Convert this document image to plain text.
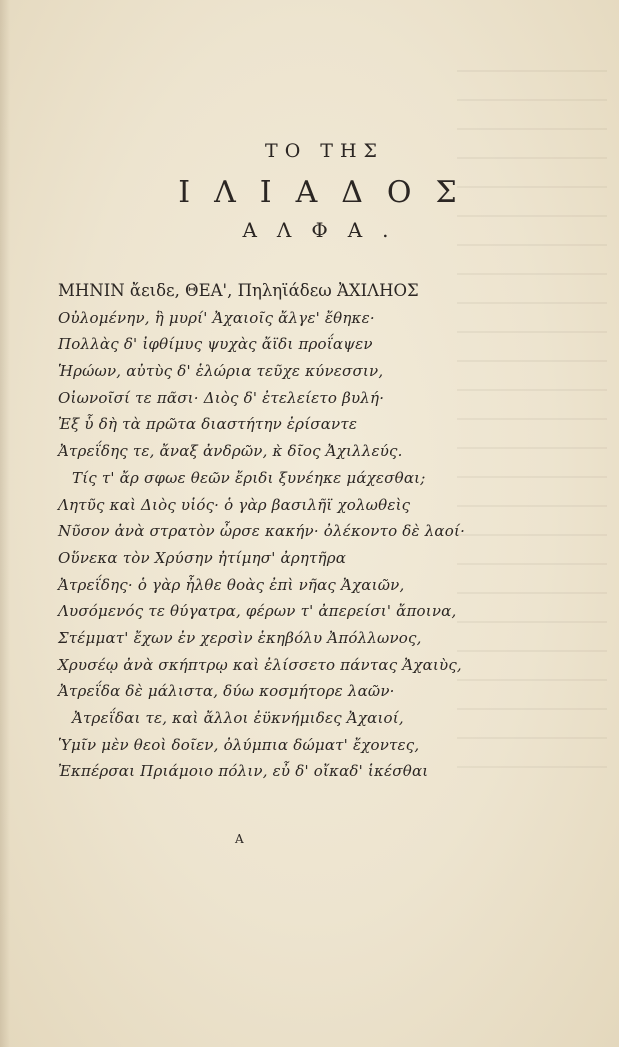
ΤΟ ΤΗΣ
ΙΛΙΑΔΟΣ
ΑΛΦΑ.
ΜΗΝΙΝ ἄειδε, ΘΕΑ', Πηληϊάδεω ἈΧΙΛΗΟΣ
Οὐλομένην, ἣ μυρί' Ἀχαιοῖς ἄλγε' ἔθηκε·
Πολλὰς δ' ἰφθίμυς ψυχὰς ἄϊδι προΐαψεν
Ἡρώων, αὐτὺς δ' ἑλώρια τεῦχε κύνεσσιν,
Οἰωνοῖσί τε πᾶσι· Διὸς δ' ἐτελείετο βυλή·
Ἐξ ὗ δὴ τὰ πρῶτα διαστήτην ἐρίσαντε
Ἀτρεΐδης τε, ἄναξ ἀνδρῶν, κ̀ δῖος Ἀχιλλεύς.
Τίς τ' ἄρ σφωε θεῶν ἔριδι ξυνέηκε μάχεσθαι;
Λητῦς καὶ Διὸς υἱός· ὁ γὰρ βασιλῆϊ χολωθεὶς
Νῦσον ἀνὰ στρατὸν ὦρσε κακήν· ὀλέκοντο δὲ λαοί·
Οὕνεκα τὸν Χρύσην ἠτίμησ' ἀρητῆρα
Ἀτρεΐδης· ὁ γὰρ ἦλθε θοὰς ἐπὶ νῆας Ἀχαιῶν,
Λυσόμενός τε θύγατρα, φέρων τ' ἀπερείσι' ἄποινα,
Στέμματ' ἔχων ἐν χερσὶν ἑκηβόλυ Ἀπόλλωνος,
Χρυσέῳ ἀνὰ σκήπτρῳ καὶ ἐλίσσετο πάντας Ἀχαιὺς,
Ἀτρεΐδα δὲ μάλιστα, δύω κοσμήτορε λαῶν·
Ἀτρεΐδαι τε, καὶ ἄλλοι ἐϋκνήμιδες Ἀχαιοί,
Ὑμῖν μὲν θεοὶ δοῖεν, ὀλύμπια δώματ' ἔχοντες,
Ἐκπέρσαι Πριάμοιο πόλιν, εὖ δ' οἴκαδ' ἱκέσθαι
A
